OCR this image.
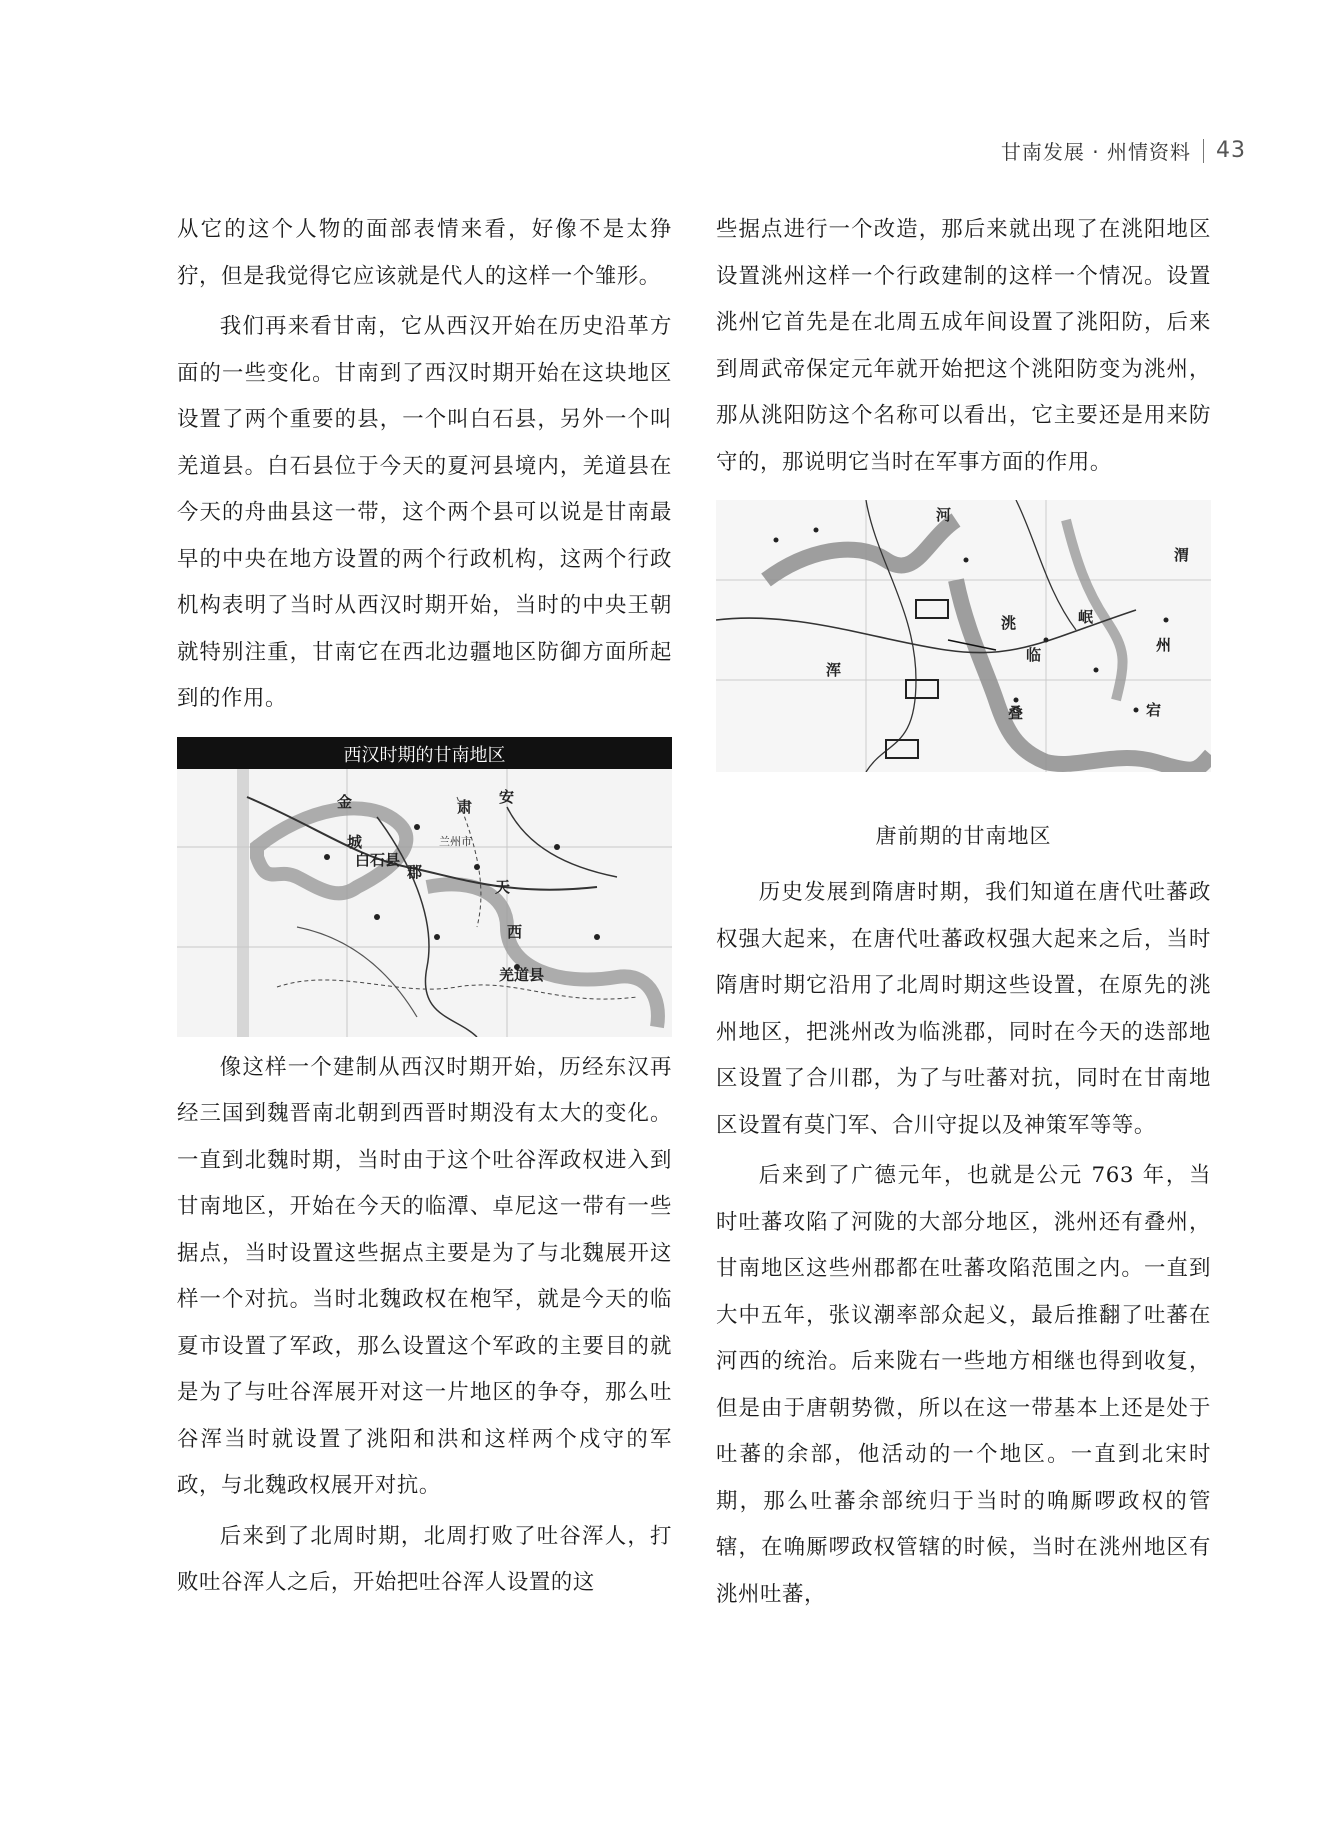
甘南发展 · 州情资料 43

从它的这个人物的面部表情来看，好像不是太狰狞，但是我觉得它应该就是代人的这样一个雏形。

我们再来看甘南，它从西汉开始在历史沿革方面的一些变化。甘南到了西汉时期开始在这块地区设置了两个重要的县，一个叫白石县，另外一个叫羌道县。白石县位于今天的夏河县境内，羌道县在今天的舟曲县这一带，这个两个县可以说是甘南最早的中央在地方设置的两个行政机构，这两个行政机构表明了当时从西汉时期开始，当时的中央王朝就特别注重，甘南它在西北边疆地区防御方面所起到的作用。

白石县
羌道县
金
城
安
肃
天
兰州市
西
郡
西汉时期的甘南地区

像这样一个建制从西汉时期开始，历经东汉再经三国到魏晋南北朝到西晋时期没有太大的变化。一直到北魏时期，当时由于这个吐谷浑政权进入到甘南地区，开始在今天的临潭、卓尼这一带有一些据点，当时设置这些据点主要是为了与北魏展开这样一个对抗。当时北魏政权在枹罕，就是今天的临夏市设置了军政，那么设置这个军政的主要目的就是为了与吐谷浑展开对这一片地区的争夺，那么吐谷浑当时就设置了洮阳和洪和这样两个戍守的军政，与北魏政权展开对抗。

后来到了北周时期，北周打败了吐谷浑人，打败吐谷浑人之后，开始把吐谷浑人设置的这

些据点进行一个改造，那后来就出现了在洮阳地区设置洮州这样一个行政建制的这样一个情况。设置洮州它首先是在北周五成年间设置了洮阳防，后来到周武帝保定元年就开始把这个洮阳防变为洮州，那从洮阳防这个名称可以看出，它主要还是用来防守的，那说明它当时在军事方面的作用。

河
临
洮	岷
叠
浑
州
宕
渭
唐前期的甘南地区

历史发展到隋唐时期，我们知道在唐代吐蕃政权强大起来，在唐代吐蕃政权强大起来之后，当时隋唐时期它沿用了北周时期这些设置，在原先的洮州地区，把洮州改为临洮郡，同时在今天的迭部地区设置了合川郡，为了与吐蕃对抗，同时在甘南地区设置有莫门军、合川守捉以及神策军等等。

后来到了广德元年，也就是公元 763 年，当时吐蕃攻陷了河陇的大部分地区，洮州还有叠州，甘南地区这些州郡都在吐蕃攻陷范围之内。一直到大中五年，张议潮率部众起义，最后推翻了吐蕃在河西的统治。后来陇右一些地方相继也得到收复，但是由于唐朝势微，所以在这一带基本上还是处于吐蕃的余部，他活动的一个地区。一直到北宋时期，那么吐蕃余部统归于当时的唃厮啰政权的管辖，在唃厮啰政权管辖的时候，当时在洮州地区有洮州吐蕃，
